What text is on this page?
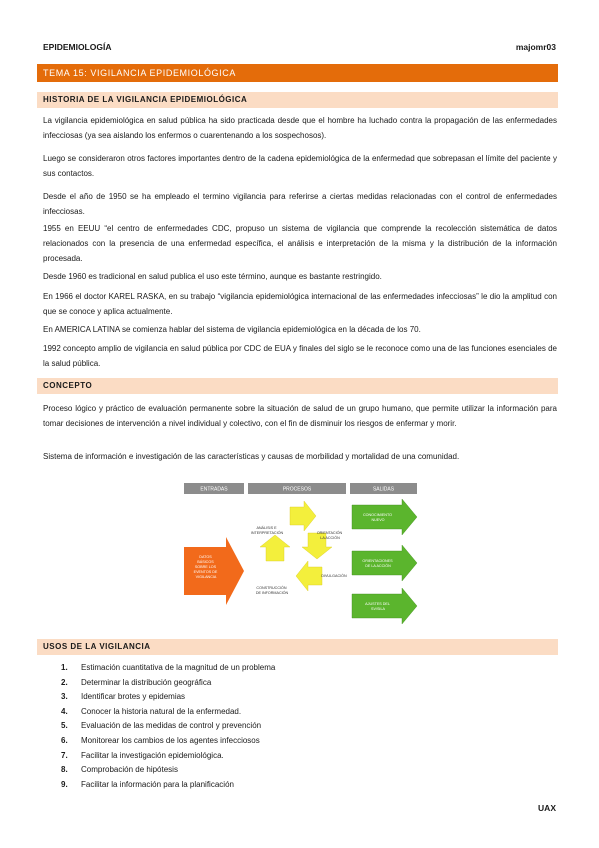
EPIDEMIOLOGÍA	majomr03
TEMA 15: VIGILANCIA EPIDEMIOLÓGICA
HISTORIA DE LA VIGILANCIA EPIDEMIOLÓGICA

La vigilancia epidemiológica en salud pública ha sido practicada desde que el hombre ha luchado contra la propagación de las enfermedades infecciosas (ya sea aislando los enfermos o cuarentenando a los sospechosos).

Luego se consideraron otros factores importantes dentro de la cadena epidemiológica de la enfermedad que sobrepasan el límite del paciente y sus contactos.

Desde el año de 1950 se ha empleado el termino vigilancia para referirse a ciertas medidas relacionadas con el control de enfermedades infecciosas.

1955 en EEUU “el centro de enfermedades CDC, propuso un sistema de vigilancia que comprende la recolección sistemática de datos relacionados con la presencia de una enfermedad específica, el análisis e interpretación de la misma y la distribución de la información procesada.

Desde 1960 es tradicional en salud publica el uso este término, aunque es bastante restringido.

En 1966 el doctor KAREL RASKA, en su trabajo “vigilancia epidemiológica internacional de las enfermedades infecciosas” le dio la amplitud con que se conoce y aplica actualmente.

En AMERICA LATINA se comienza hablar del sistema de vigilancia epidemiológica en la década de los 70.

1992 concepto amplio de vigilancia en salud pública por CDC de EUA y finales del siglo se le reconoce como una de las funciones esenciales de la salud pública.

CONCEPTO

Proceso lógico y práctico de evaluación permanente sobre la situación de salud de un grupo humano, que permite utilizar la información para tomar decisiones de intervención a nivel individual y colectivo, con el fin de disminuir los riesgos de enfermar y morir.

Sistema de información e investigación de las características y causas de morbilidad y mortalidad de una comunidad.

ENTRADAS	PROCESOS	SALIDAS
DATOS BÁSICOS SOBRE LOS EVENTOS DE VIGILANCIA
ANÁLISIS E INTERPRETACIÓN	ORIENTACIÓN LA ACCIÓN
DIVULGACIÓN
CONSTRUCCIÓN DE INFORMACIÓN
CONOCIMIENTO NUEVO
ORIENTACIONES DE LA ACCIÓN
AJUSTES DEL SV/SILA
USOS DE LA VIGILANCIA
1. Estimación cuantitativa de la magnitud de un problema
2. Determinar la distribución geográfica
3. Identificar brotes y epidemias
4. Conocer la historia natural de la enfermedad.
5. Evaluación de las medidas de control y prevención
6. Monitorear los cambios de los agentes infecciosos
7. Facilitar la investigación epidemiológica.
8. Comprobación de hipótesis
9. Facilitar la información para la planificación
UAX
